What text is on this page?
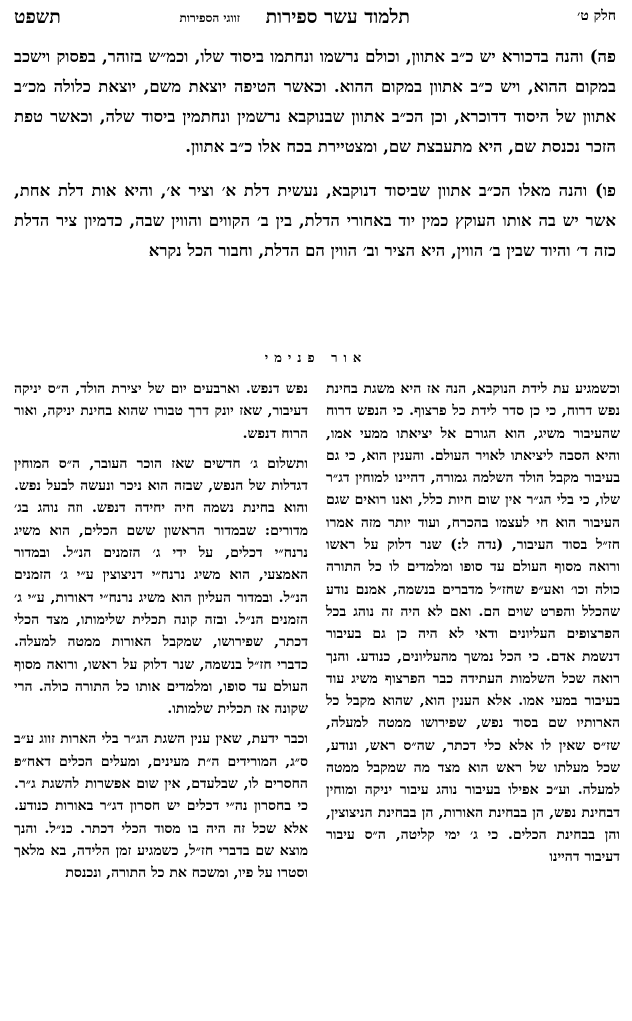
חלק ט׳
תלמוד עשר ספירות
זווגי הספירות
תשפט

פה) והנה בדכורא יש כ״ב אתוון, וכולם נרשמו ונחתמו ביסוד שלו, וכמ״ש בזוהר, בפסוק וישכב במקום ההוא, ויש כ״ב אתוון במקום ההוא. וכאשר הטיפה יוצאת משם, יוצאת כלולה מכ״ב אתוון של היסוד דדוכרא, וכן הכ״ב אתוון שבנוקבא נרשמין ונחתמין ביסוד שלה, וכאשר טפת הזכר נכנסת שם, היא מתעבצת שם, ומצטיירת בכח אלו כ״ב אתוון.

פו) והנה מאלו הכ״ב אתוון שביסוד דנוקבא, נעשית דלת א׳ וציר א׳, והיא אות דלת אחת, אשר יש בה אותו העוקץ כמין יוד באחורי הדלת, בין ב׳ הקווים והווין שבה, כדמיון ציר הדלת כזה ד׳ והיוד שבין ב׳ הווין, היא הציר וב׳ הווין הם הדלת, וחבור הכל נקרא

אור פנימי

וכשמגיע עת לידת הנוקבא, הנה אז היא משגת בחינת נפש דרוח, כי כן סדר לידת כל פרצוף. כי הנפש דרוח שהעיבור משיג, הוא הגורם אל יציאתו ממעי אמו, והיא הסבה ליציאתו לאויר העולם. והענין הוא, כי גם בעיבור מקבל הולד השלמה גמורה, דהיינו למוחין דג״ר שלו, כי בלי הג״ר אין שום חיות כלל, ואנו רואים שגם העיבור הוא חי לעצמו בהכרח, ועוד יותר מזה אמרו חז״ל בסוד העיבור, (נדה ל:) שנר דלוק על ראשו ורואה מסוף העולם עד סופו ומלמדים לו כל התורה כולה וכו׳ ואע״פ שחז״ל מדברים בנשמה, אמנם נודע שהכלל והפרט שוים הם. ואם לא היה זה נוהג בכל הפרצופים העליונים ודאי לא היה כן גם בעיבור דנשמת אדם. כי הכל נמשך מהעליונים, כנודע. והנך רואה שכל השלמות העתידה כבר הפרצוף משיג עוד בעיבור במעי אמו. אלא הענין הוא, שהוא מקבל כל הארותיו שם בסוד נפש, שפירושו ממטה למעלה, שז״ס שאין לו אלא כלי דכתר, שה״ס ראש, ונודע, שכל מעלתו של ראש הוא מצד מה שמקבל ממטה למעלה. וע״כ אפילו בעיבור נוהג עיבור יניקה ומוחין דבחינת נפש, הן בבחינת האורות, הן בבחינת הניצוצין, והן בבחינת הכלים. כי ג׳ ימי קליטה, ה״ס עיבור דעיבור דהיינו

נפש דנפש. וארבעים יום של יצירת הולד, ה״ס יניקה דעיבור, שאז יונק דרך טבורו שהוא בחינת יניקה, ואור הרוח דנפש.

ותשלום ג׳ חדשים שאז הוכר העובר, ה״ס המוחין דגדלות של הנפש, שבזה הוא ניכר ונעשה לבעל נפש. והוא בחינת נשמה חיה יחידה דנפש. וזה נוהג בג׳ מדורים: שבמדור הראשון ששם הכלים, הוא משיג נרנח״י דכלים, על ידי ג׳ הזמנים הנ״ל. ובמדור האמצעי, הוא משיג נרנח״י דניצוצין ע״י ג׳ הזמנים הנ״ל. ובמדור העליון הוא משיג נרנח״י דאורות, ע״י ג׳ הזמנים הנ״ל. ובזה קונה תכלית שלימותו, מצד הכלי דכתר, שפירושו, שמקבל האורות ממטה למעלה. כדברי חז״ל בנשמה, שנר דלוק על ראשו, ורואה מסוף העולם עד סופו, ומלמדים אותו כל התורה כולה. הרי שקונה אז תכלית שלמותו.

וכבר ידעת, שאין ענין השגת הג״ר בלי הארות זווג ע״ב ס״ג, המורידים ה״ת מעינים, ומעלים הכלים דאח״פ החסרים לו, שבלעדם, אין שום אפשרות להשגת ג״ר. כי בחסרון נה״י דכלים יש חסרון דג״ר באורות כנודע. אלא שכל זה היה בו מסוד הכלי דכתר. כנ״ל. והנך מוצא שם בדברי חז״ל, כשמגיע זמן הלידה, בא מלאך וסטרו על פיו, ומשכח את כל התורה, ונכנסת
